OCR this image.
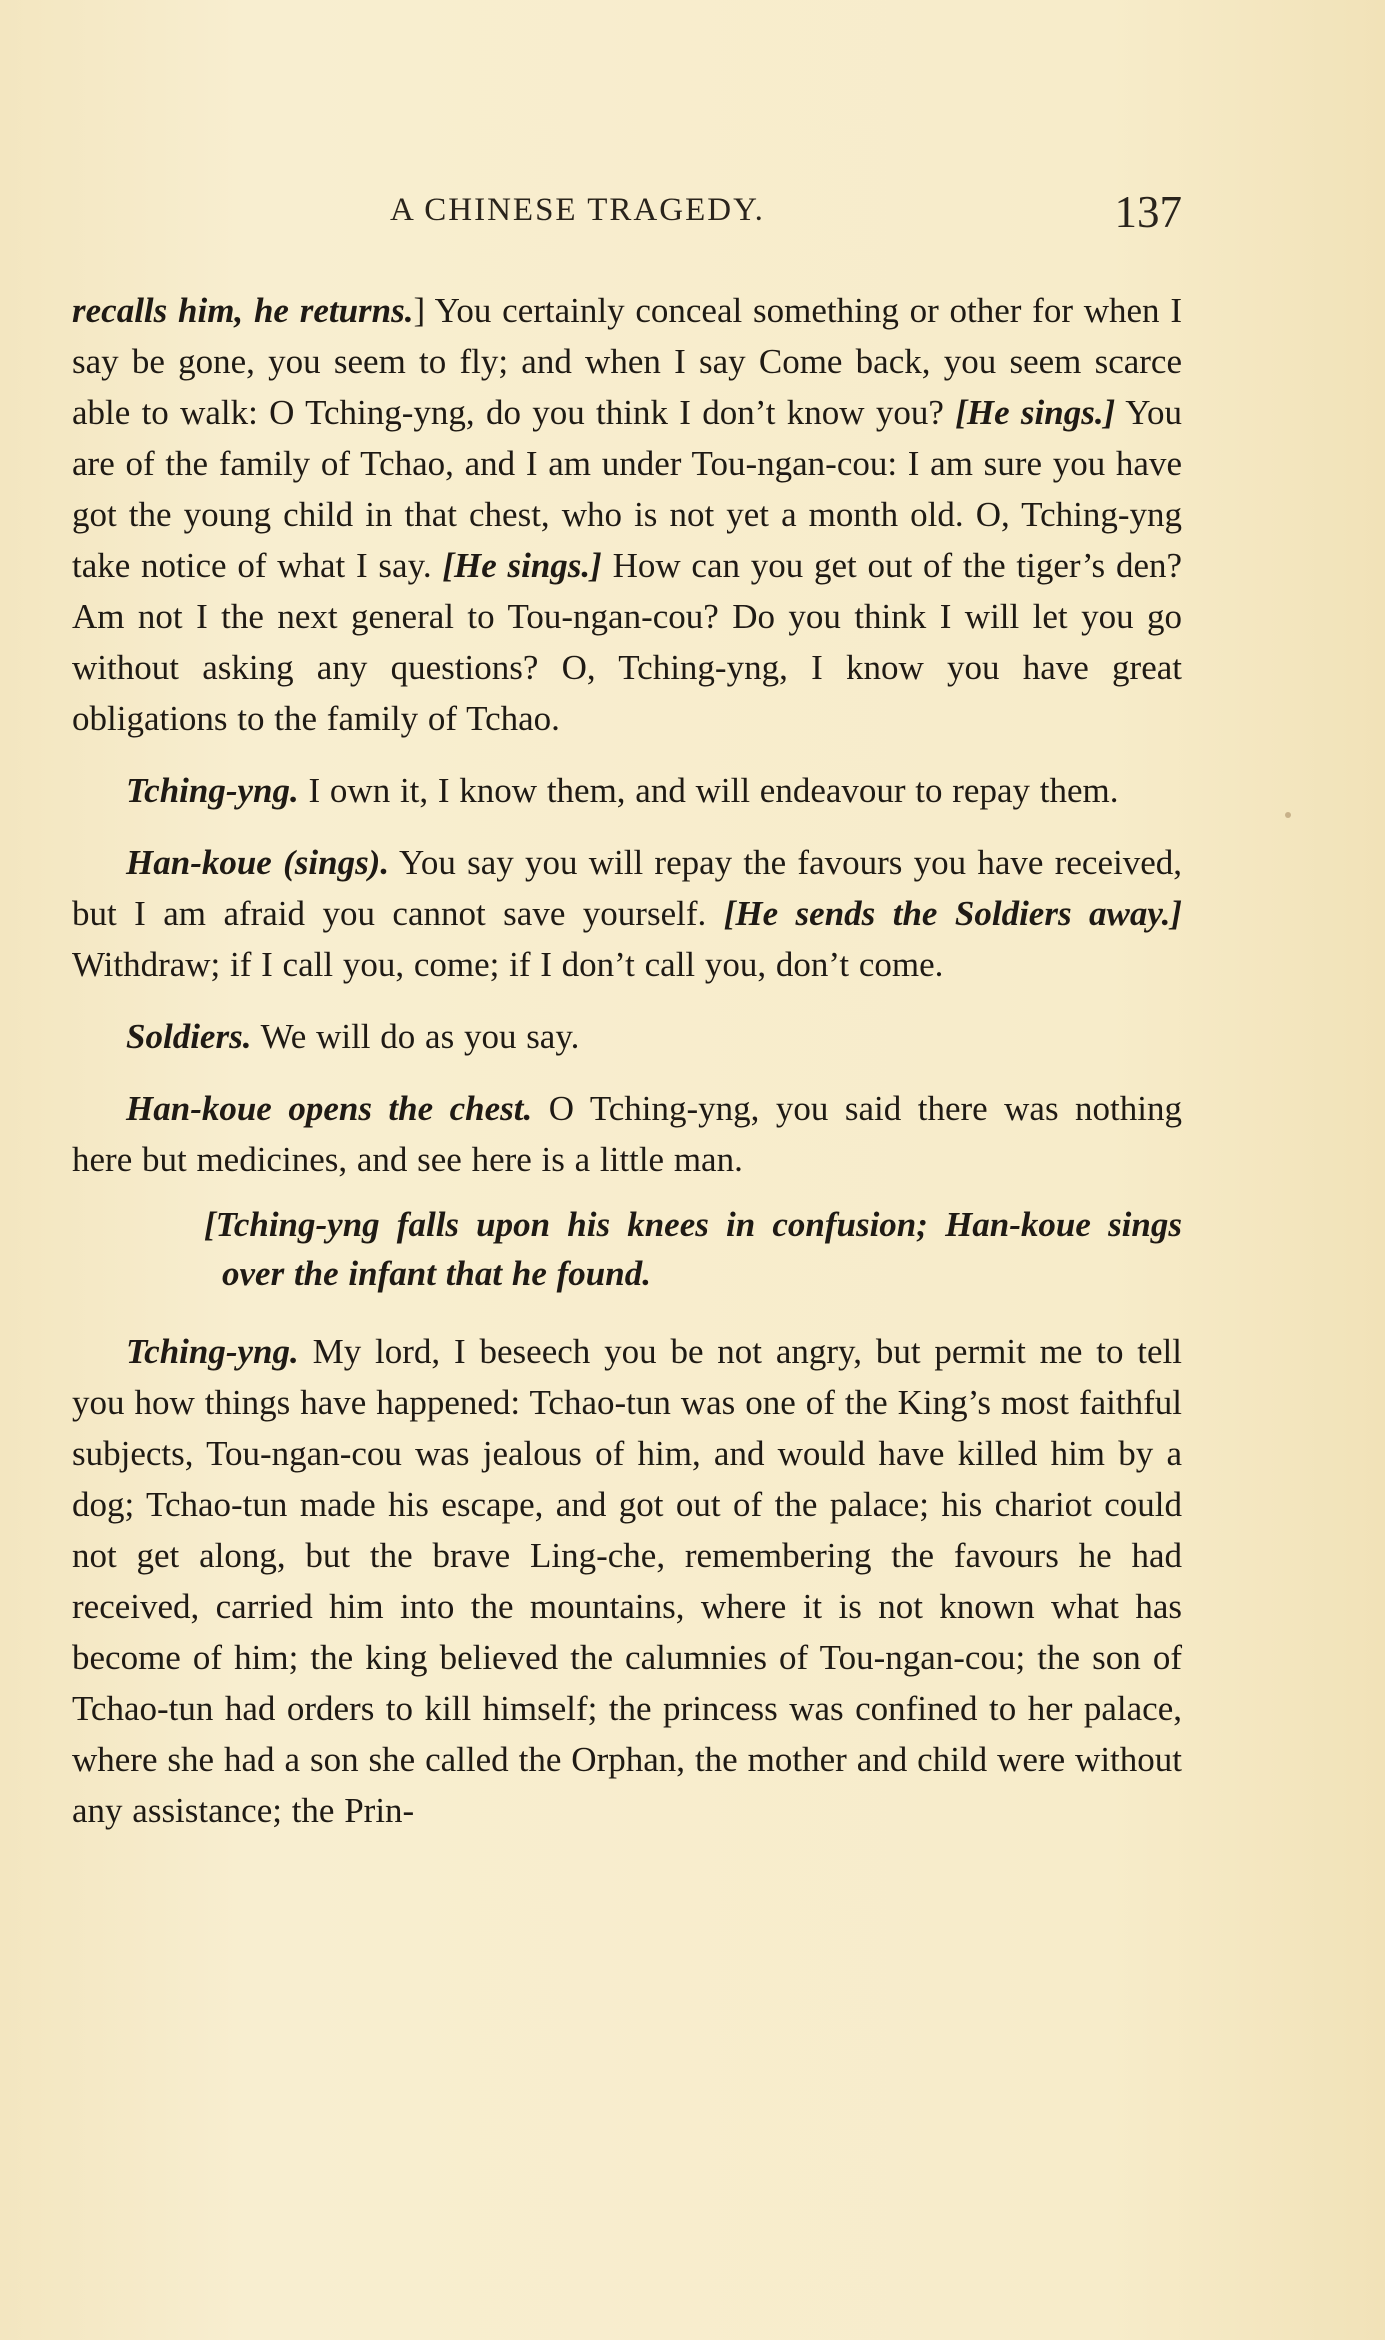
A CHINESE TRAGEDY.	137

recalls him, he returns.] You certainly conceal something or other for when I say be gone, you seem to fly; and when I say Come back, you seem scarce able to walk: O Tching-yng, do you think I don’t know you? [He sings.] You are of the family of Tchao, and I am under Tou-ngan-cou: I am sure you have got the young child in that chest, who is not yet a month old. O, Tching-yng take notice of what I say. [He sings.] How can you get out of the tiger’s den? Am not I the next general to Tou-ngan-cou? Do you think I will let you go without asking any questions? O, Tching-yng, I know you have great obligations to the family of Tchao.

Tching-yng. I own it, I know them, and will endeavour to repay them.

Han-koue (sings). You say you will repay the favours you have received, but I am afraid you cannot save yourself. [He sends the Soldiers away.] Withdraw; if I call you, come; if I don’t call you, don’t come.

Soldiers. We will do as you say.

Han-koue opens the chest. O Tching-yng, you said there was nothing here but medicines, and see here is a little man.

[Tching-yng falls upon his knees in confusion; Han-koue sings over the infant that he found.

Tching-yng. My lord, I beseech you be not angry, but permit me to tell you how things have happened: Tchao-tun was one of the King’s most faithful subjects, Tou-ngan-cou was jealous of him, and would have killed him by a dog; Tchao-tun made his escape, and got out of the palace; his chariot could not get along, but the brave Ling-che, remembering the favours he had received, carried him into the mountains, where it is not known what has become of him; the king believed the calumnies of Tou-ngan-cou; the son of Tchao-tun had orders to kill himself; the princess was confined to her palace, where she had a son she called the Orphan, the mother and child were without any assistance; the Prin-
